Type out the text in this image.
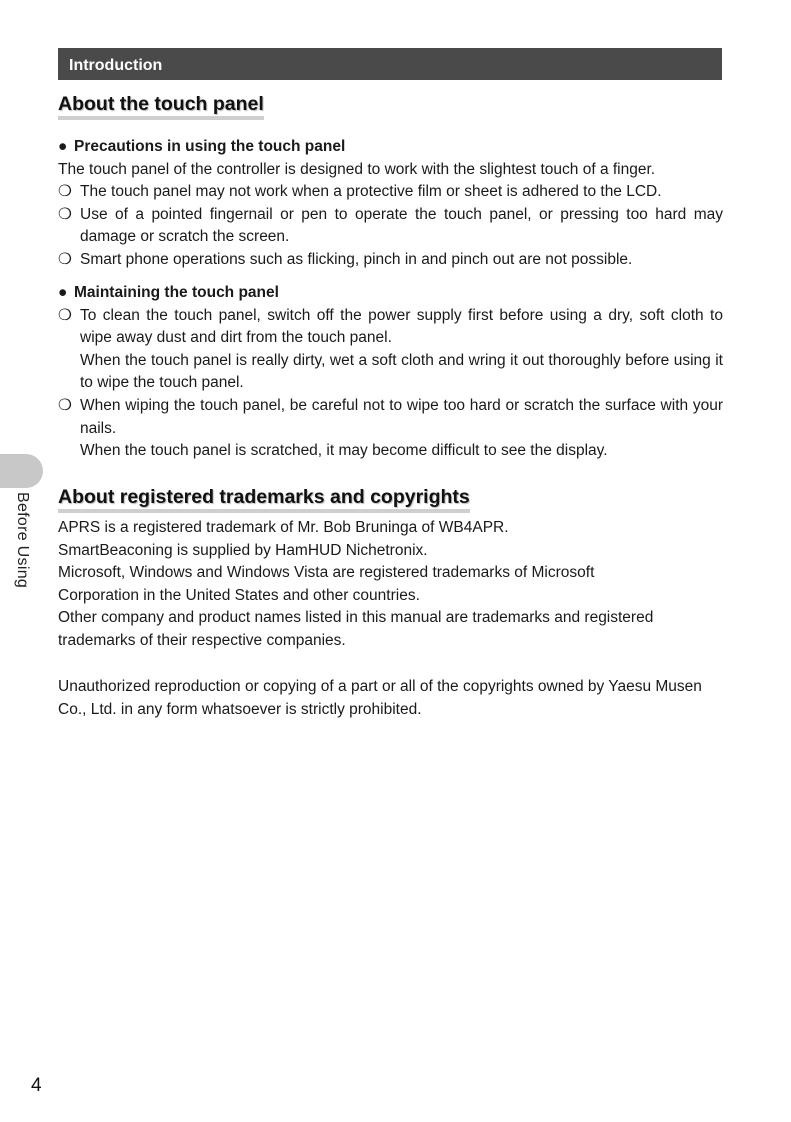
Introduction
About the touch panel
● Precautions in using the touch panel
The touch panel of the controller is designed to work with the slightest touch of a finger.
❍ The touch panel may not work when a protective film or sheet is adhered to the LCD.
❍ Use of a pointed fingernail or pen to operate the touch panel, or pressing too hard may damage or scratch the screen.
❍ Smart phone operations such as flicking, pinch in and pinch out are not possible.
● Maintaining the touch panel
❍ To clean the touch panel, switch off the power supply first before using a dry, soft cloth to wipe away dust and dirt from the touch panel.
When the touch panel is really dirty, wet a soft cloth and wring it out thoroughly before using it to wipe the touch panel.
❍ When wiping the touch panel, be careful not to wipe too hard or scratch the surface with your nails.
When the touch panel is scratched, it may become difficult to see the display.
About registered trademarks and copyrights
APRS is a registered trademark of Mr. Bob Bruninga of WB4APR.
SmartBeaconing is supplied by HamHUD Nichetronix.
Microsoft, Windows and Windows Vista are registered trademarks of Microsoft Corporation in the United States and other countries.
Other company and product names listed in this manual are trademarks and registered trademarks of their respective companies.
Unauthorized reproduction or copying of a part or all of the copyrights owned by Yaesu Musen Co., Ltd. in any form whatsoever is strictly prohibited.
Before Using
4
